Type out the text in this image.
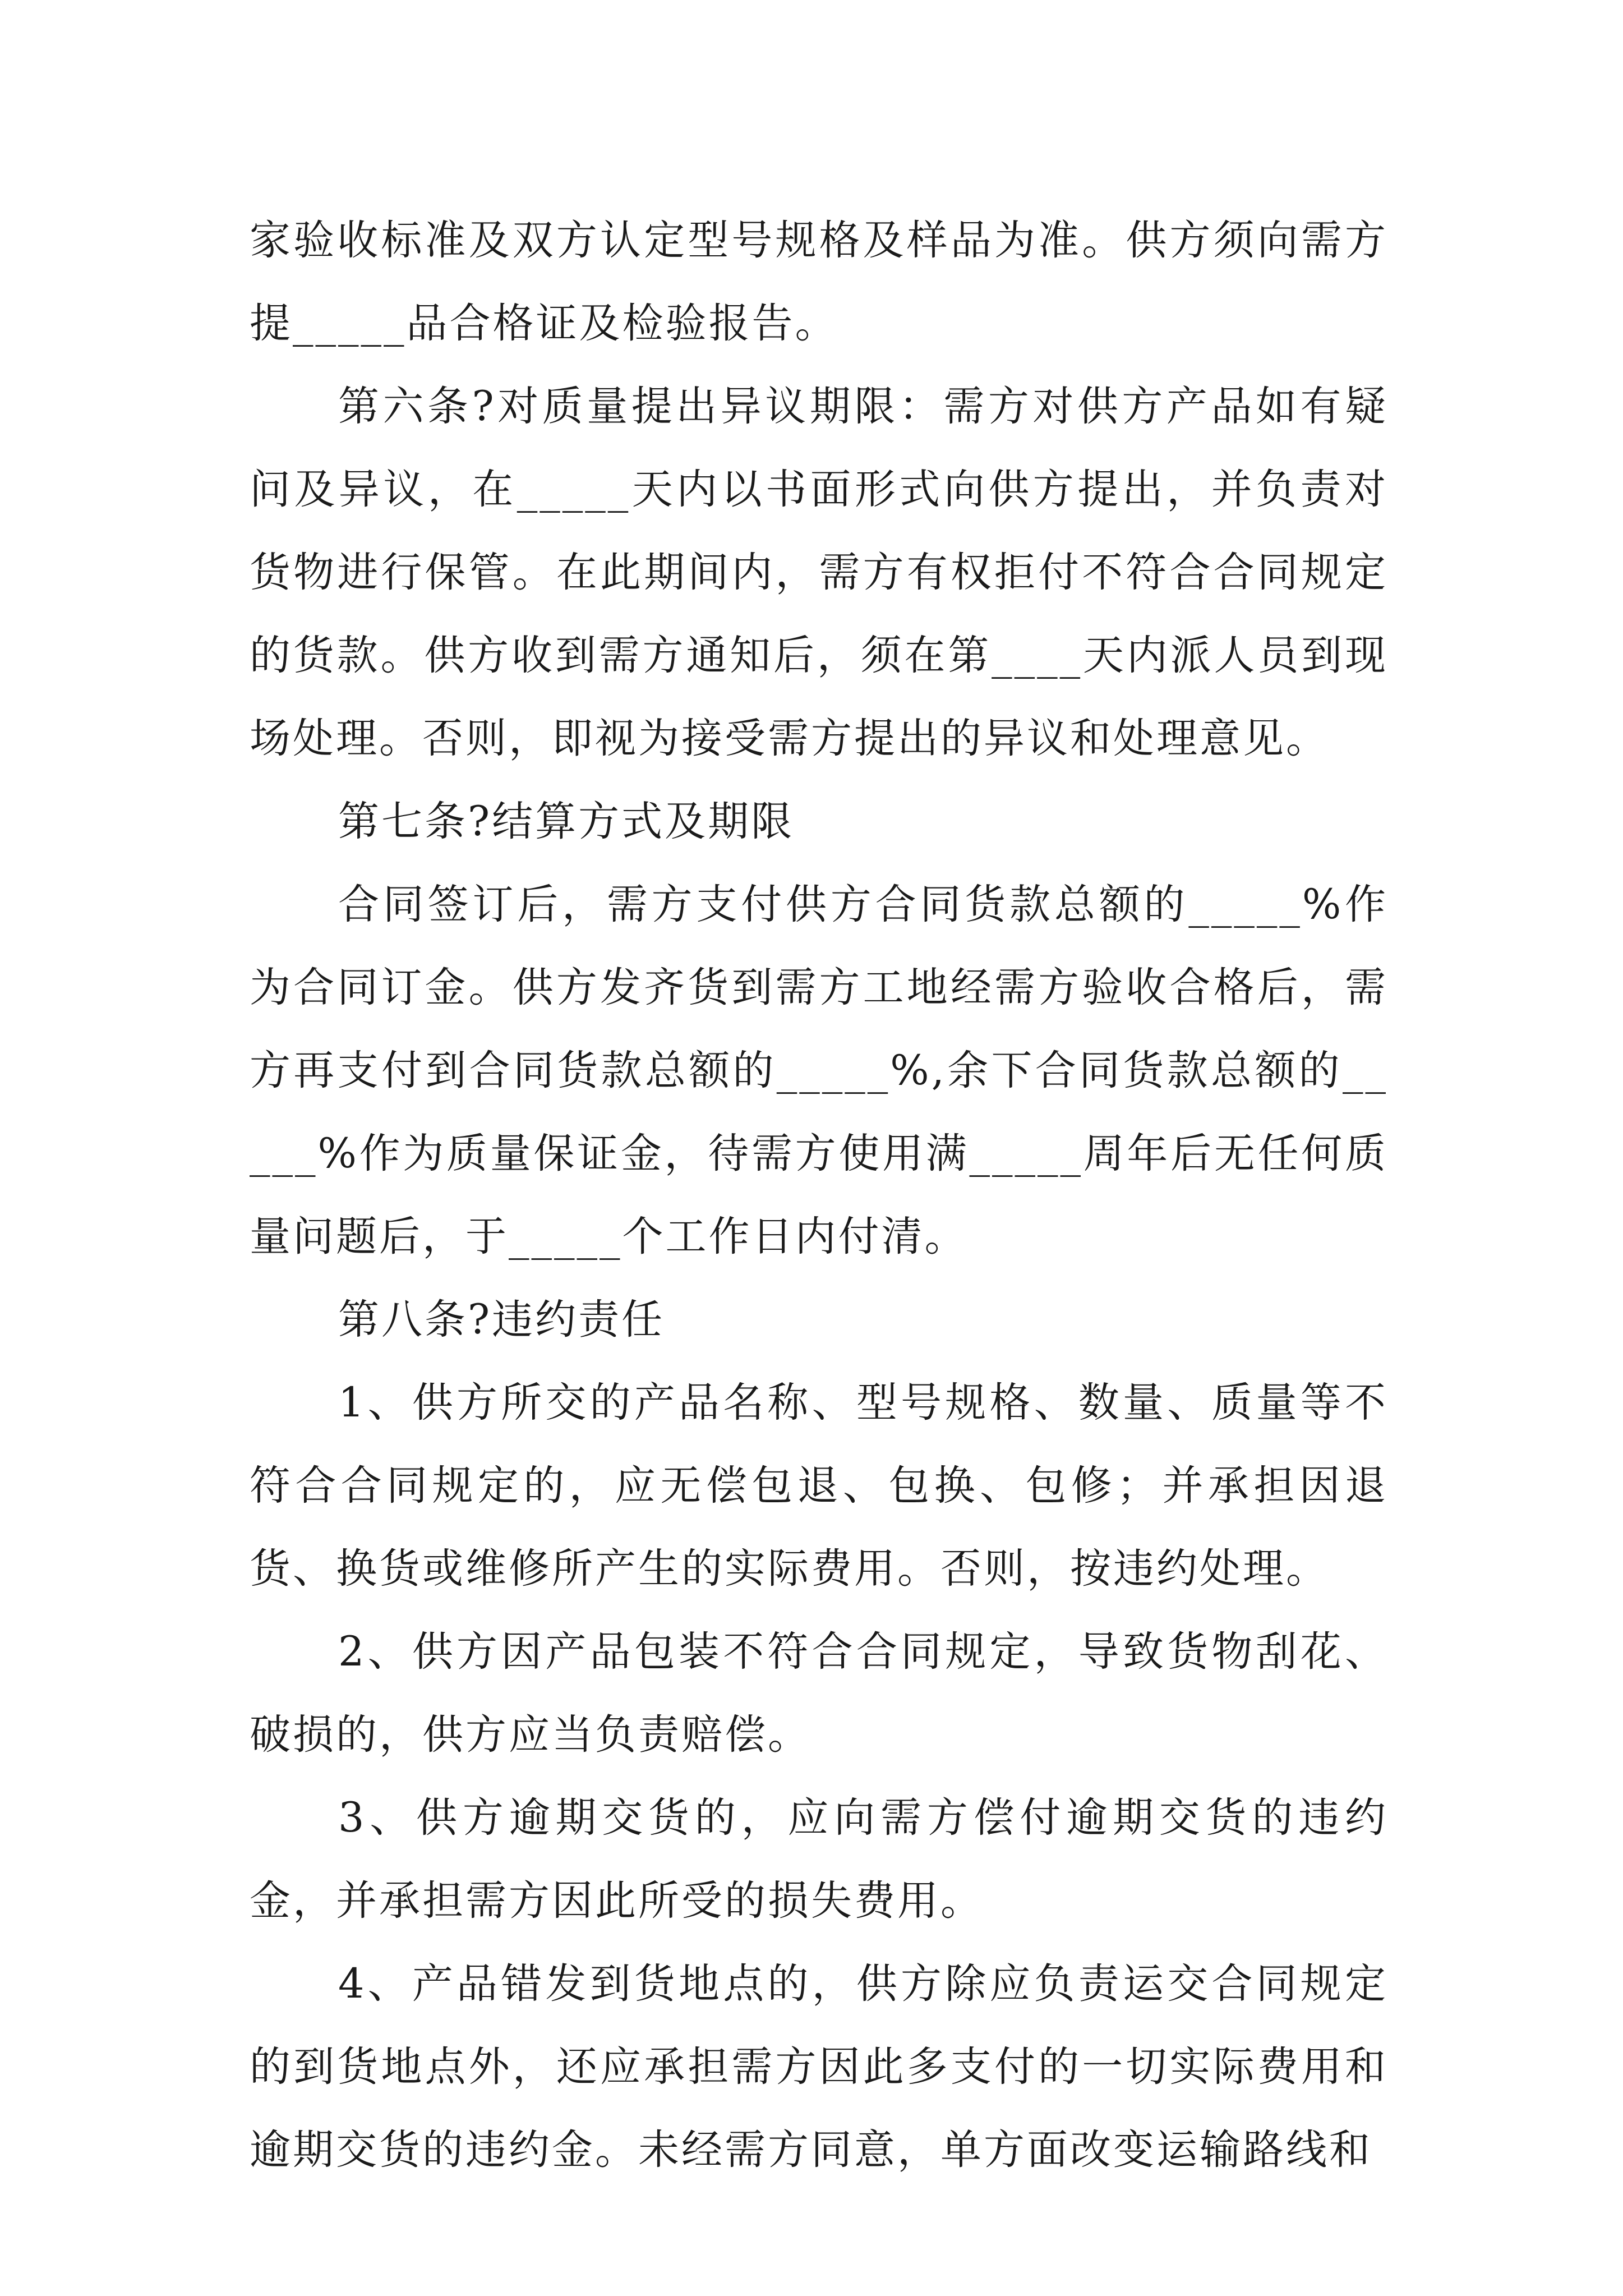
家验收标准及双方认定型号规格及样品为准。供方须向需方提_____品合格证及检验报告。

第六条?对质量提出异议期限：需方对供方产品如有疑问及异议，在_____天内以书面形式向供方提出，并负责对货物进行保管。在此期间内，需方有权拒付不符合合同规定的货款。供方收到需方通知后，须在第____天内派人员到现场处理。否则，即视为接受需方提出的异议和处理意见。

第七条?结算方式及期限

合同签订后，需方支付供方合同货款总额的_____%作为合同订金。供方发齐货到需方工地经需方验收合格后，需方再支付到合同货款总额的_____%,余下合同货款总额的_____%作为质量保证金，待需方使用满_____周年后无任何质量问题后，于_____个工作日内付清。

第八条?违约责任

1、供方所交的产品名称、型号规格、数量、质量等不符合合同规定的，应无偿包退、包换、包修；并承担因退货、换货或维修所产生的实际费用。否则，按违约处理。

2、供方因产品包装不符合合同规定，导致货物刮花、破损的，供方应当负责赔偿。

3、供方逾期交货的，应向需方偿付逾期交货的违约金，并承担需方因此所受的损失费用。

4、产品错发到货地点的，供方除应负责运交合同规定的到货地点外，还应承担需方因此多支付的一切实际费用和逾期交货的违约金。未经需方同意，单方面改变运输路线和
